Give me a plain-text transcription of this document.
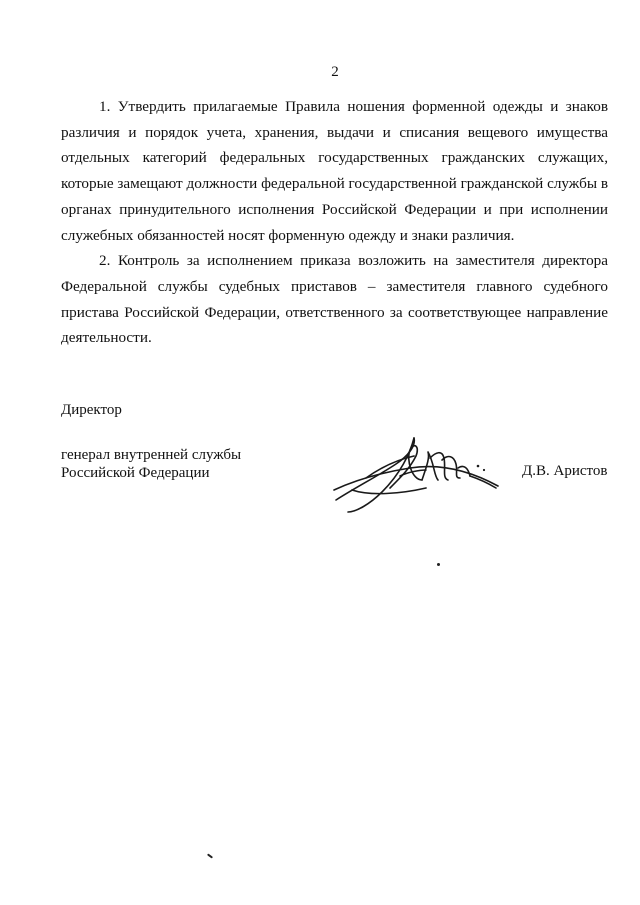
2

1. Утвердить прилагаемые Правила ношения форменной одежды и знаков различия и порядок учета, хранения, выдачи и списания вещевого имущества отдельных категорий федеральных государственных гражданских служащих, которые замещают должности федеральной государственной гражданской службы в органах принудительного исполнения Российской Федерации и при исполнении служебных обязанностей носят форменную одежду и знаки различия.

2. Контроль за исполнением приказа возложить на заместителя директора Федеральной службы судебных приставов – заместителя главного судебного пристава Российской Федерации, ответственного за соответствующее направление деятельности.

Директор
генерал внутренней службы
Российской Федерации	Д.В. Аристов
